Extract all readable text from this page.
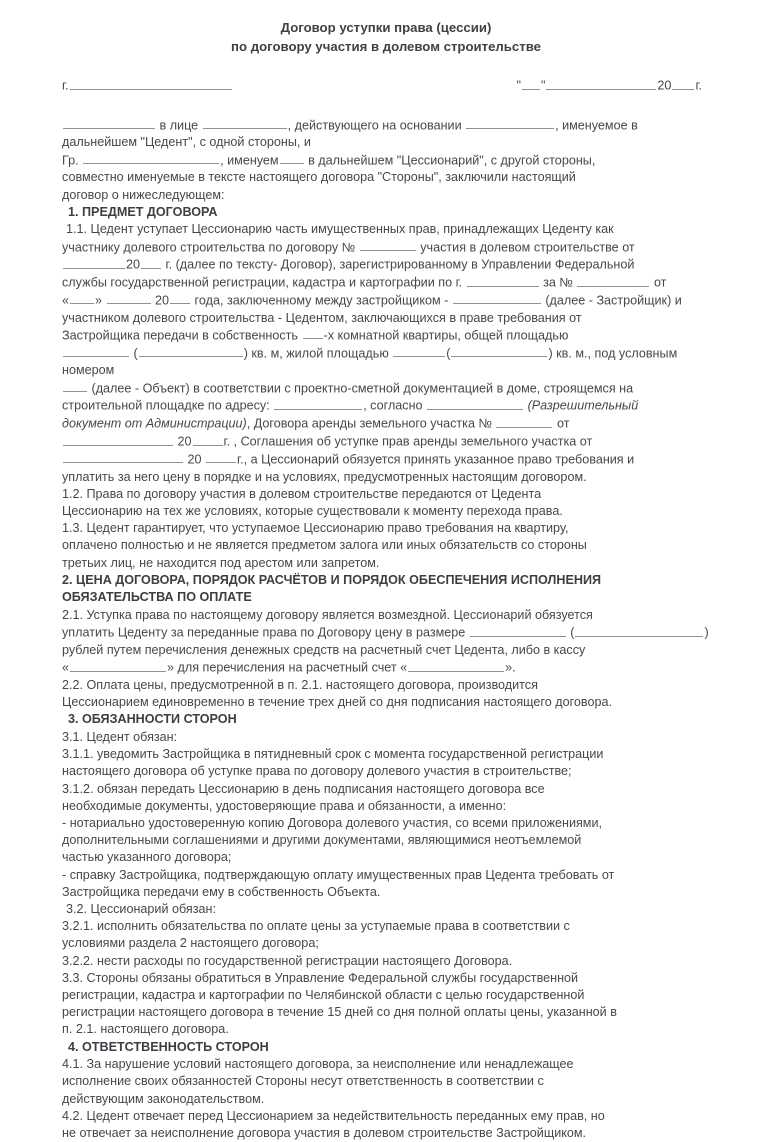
Договор уступки права (цессии)
по договору участия в долевом строительстве
г.	" "	20 г.

в лице	, действующего на основании	, именуемое в

дальнейшем "Цедент", с одной стороны, и

Гр.	, именуем в дальнейшем "Цессионарий", с другой стороны,

совместно именуемые в тексте настоящего договора "Стороны", заключили настоящий

договор о нижеследующем:

1. ПРЕДМЕТ ДОГОВОРА

1.1. Цедент уступает Цессионарию часть имущественных прав, принадлежащих Цеденту как

участнику долевого строительства по договору №	участия в долевом строительстве от

20 г. (далее по тексту- Договор), зарегистрированному в Управлении Федеральной

службы государственной регистрации, кадастра и картографии по г.	за №	от

« »	20 года, заключенному между застройщиком -	(далее - Застройщик) и

участником долевого строительства - Цедентом, заключающихся в праве требования от

Застройщика передачи в собственность -х комнатной квартиры, общей площадью

(	) кв. м, жилой площадью	(	) кв. м., под условным номером

(далее - Объект) в соответствии с проектно-сметной документацией в доме, строящемся на

строительной площадке по адресу:	, согласно	(Разрешительный

документ от Администрации), Договора аренды земельного участка №	от

20	г. , Соглашения об уступке прав аренды земельного участка от

20	г., а Цессионарий обязуется принять указанное право требования и

уплатить за него цену в порядке и на условиях, предусмотренных настоящим договором.

1.2. Права по договору участия в долевом строительстве передаются от Цедента

Цессионарию на тех же условиях, которые существовали к моменту перехода права.

1.3. Цедент гарантирует, что уступаемое Цессионарию право требования на квартиру,

оплачено полностью и не является предметом залога или иных обязательств со стороны

третьих лиц, не находится под арестом или запретом.

2. ЦЕНА ДОГОВОРА, ПОРЯДОК РАСЧЁТОВ И ПОРЯДОК ОБЕСПЕЧЕНИЯ ИСПОЛНЕНИЯ

ОБЯЗАТЕЛЬСТВА ПО ОПЛАТЕ

2.1. Уступка права по настоящему договору является возмездной. Цессионарий обязуется

уплатить Цеденту за переданные права по Договору цену в размере	(	)

рублей путем перечисления денежных средств на расчетный счет Цедента, либо в кассу

«	» для перечисления на расчетный счет «	».

2.2. Оплата цены, предусмотренной в п. 2.1. настоящего договора, производится

Цессионарием единовременно в течение трех дней со дня подписания настоящего договора.

3. ОБЯЗАННОСТИ СТОРОН

3.1. Цедент обязан:

3.1.1. уведомить Застройщика в пятидневный срок с момента государственной регистрации

настоящего договора об уступке права по договору долевого участия в строительстве;

3.1.2. обязан передать Цессионарию в день подписания настоящего договора все

необходимые документы, удостоверяющие права и обязанности, а именно:

- нотариально удостоверенную копию Договора долевого участия, со всеми приложениями,

дополнительными соглашениями и другими документами, являющимися неотъемлемой

частью указанного договора;

- справку Застройщика, подтверждающую оплату имущественных прав Цедента требовать от

Застройщика передачи ему в собственность Объекта.

3.2. Цессионарий обязан:

3.2.1. исполнить обязательства по оплате цены за уступаемые права в соответствии с

условиями раздела 2 настоящего договора;

3.2.2. нести расходы по государственной регистрации настоящего Договора.

3.3. Стороны обязаны обратиться в Управление Федеральной службы государственной

регистрации, кадастра и картографии по Челябинской области с целью государственной

регистрации настоящего договора в течение 15 дней со дня полной оплаты цены, указанной в

п. 2.1. настоящего договора.

4. ОТВЕТСТВЕННОСТЬ СТОРОН

4.1. За нарушение условий настоящего договора, за неисполнение или ненадлежащее

исполнение своих обязанностей Стороны несут ответственность в соответствии с

действующим законодательством.

4.2. Цедент отвечает перед Цессионарием за недействительность переданных ему прав, но

не отвечает за неисполнение договора участия в долевом строительстве Застройщиком.
